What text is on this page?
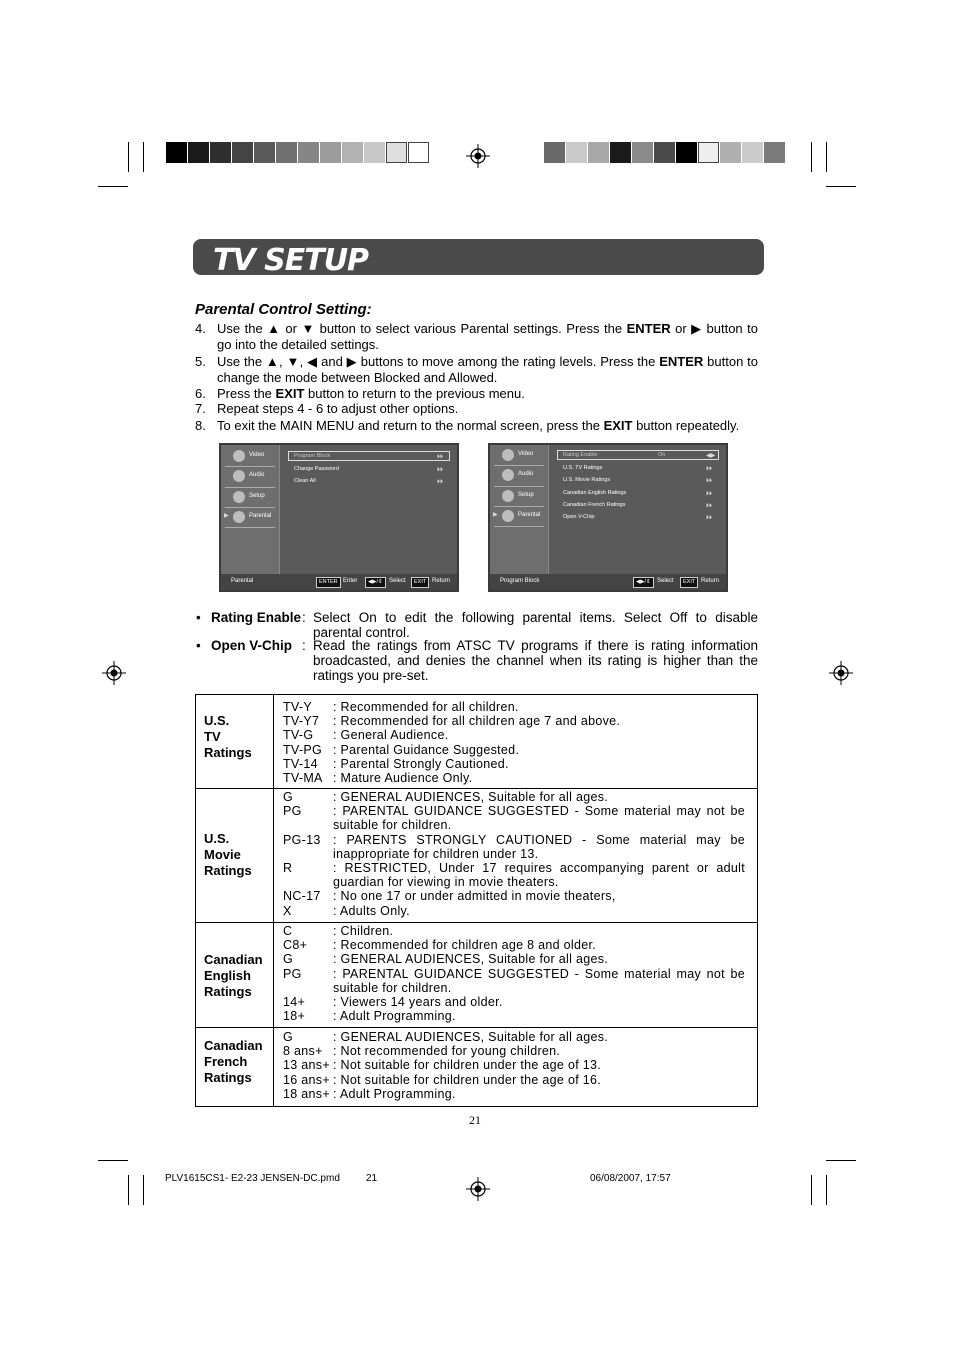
TV SETUP
Parental Control Setting:
4. Use the ▲ or ▼ button to select various Parental settings. Press the ENTER or ▶ button to go into the detailed settings.
5. Use the ▲, ▼, ◀ and ▶ buttons to move among the rating levels. Press the ENTER button to change the mode between Blocked and Allowed.
6. Press the EXIT button to return to the previous menu.
7. Repeat steps 4 - 6 to adjust other options.
8. To exit the MAIN MENU and return to the normal screen, press the EXIT button repeatedly.
Video
Audio
Setup
▶	Parental
Program Block	⏵⏵
Change Password	⏵⏵
Clean All	⏵⏵
Parental	ENTER Enter	◀▶/⇕	Select	EXIT Return
Video
Audio
Setup
▶	Parental
Rating Enable	On	◀▶
U.S. TV Ratings	⏵⏵
U.S. Movie Ratings	⏵⏵
Canadian English Ratings	⏵⏵
Canadian French Ratings	⏵⏵
Open V-Chip	⏵⏵
Program Block	◀▶/⇕	Select	EXIT Return
• Rating Enable : Select On to edit the following parental items. Select Off to disable parental control.
• Open V-Chip : Read the ratings from ATSC TV programs if there is rating information broadcasted, and denies the channel when its rating is higher than the ratings you pre-set.
U.S.
TV
Ratings
TV-Y : Recommended for all children.
TV-Y7 : Recommended for all children age 7 and above.
TV-G : General Audience.
TV-PG : Parental Guidance Suggested.
TV-14 : Parental Strongly Cautioned.
TV-MA : Mature Audience Only.
U.S.
Movie
Ratings
G	: GENERAL AUDIENCES, Suitable for all ages.
PG	: PARENTAL GUIDANCE SUGGESTED - Some material may not be suitable for children.
PG-13 : PARENTS STRONGLY CAUTIONED - Some material may be inappropriate for children under 13.
R	: RESTRICTED, Under 17 requires accompanying parent or adult guardian for viewing in movie theaters.
NC-17 : No one 17 or under admitted in movie theaters,
X	: Adults Only.
Canadian
English
Ratings
C	: Children.
C8+ : Recommended for children age 8 and older.
G	: GENERAL AUDIENCES, Suitable for all ages.
PG	: PARENTAL GUIDANCE SUGGESTED - Some material may not be suitable for children.
14+ : Viewers 14 years and older.
18+ : Adult Programming.
Canadian
French
Ratings
G	: GENERAL AUDIENCES, Suitable for all ages.
8 ans+ : Not recommended for young children.
13 ans+ : Not suitable for children under the age of 13.
16 ans+ : Not suitable for children under the age of 16.
18 ans+ : Adult Programming.
21
PLV1615CS1- E2-23 JENSEN-DC.pmd	21	06/08/2007, 17:57
